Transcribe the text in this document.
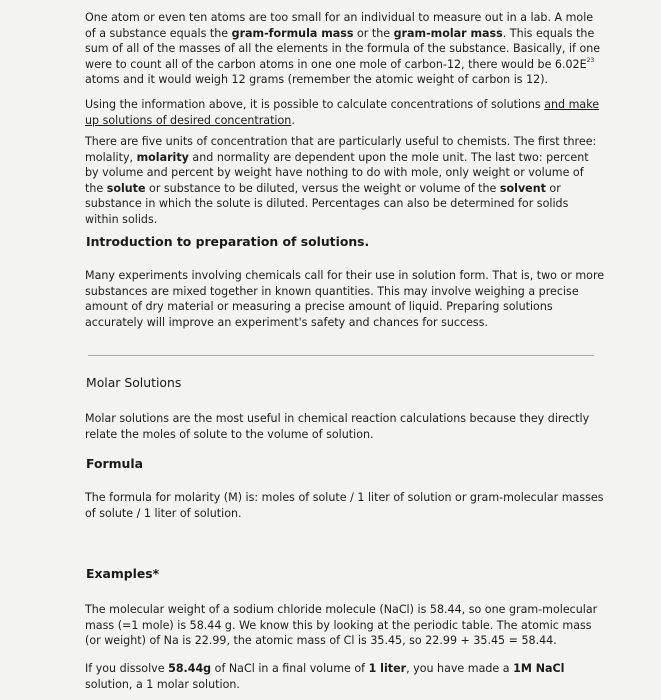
One atom or even ten atoms are too small for an individual to measure out in a lab. A mole of a substance equals the gram-formula mass or the gram-molar mass. This equals the sum of all of the masses of all the elements in the formula of the substance. Basically, if one were to count all of the carbon atoms in one one mole of carbon-12, there would be $6.02E^{23}$ atoms and it would weigh 12 grams (remember the atomic weight of carbon is 12).

Using the information above, it is possible to calculate concentrations of solutions and make up solutions of desired concentration.

There are five units of concentration that are particularly useful to chemists. The first three: molality, molarity and normality are dependent upon the mole unit. The last two: percent by volume and percent by weight have nothing to do with mole, only weight or volume of the solute or substance to be diluted, versus the weight or volume of the solvent or substance in which the solute is diluted. Percentages can also be determined for solids within solids.

Introduction to preparation of solutions.

Many experiments involving chemicals call for their use in solution form. That is, two or more substances are mixed together in known quantities. This may involve weighing a precise amount of dry material or measuring a precise amount of liquid. Preparing solutions accurately will improve an experiment's safety and chances for success.

Molar Solutions

Molar solutions are the most useful in chemical reaction calculations because they directly relate the moles of solute to the volume of solution.

Formula

The formula for molarity (M) is: moles of solute / 1 liter of solution or gram-molecular masses of solute / 1 liter of solution.

Examples*

The molecular weight of a sodium chloride molecule (NaCl) is 58.44, so one gram-molecular mass (=1 mole) is 58.44 g. We know this by looking at the periodic table. The atomic mass (or weight) of Na is 22.99, the atomic mass of Cl is 35.45, so 22.99 + 35.45 = 58.44.

If you dissolve 58.44g of NaCl in a final volume of 1 liter, you have made a 1M NaCl solution, a 1 molar solution.
